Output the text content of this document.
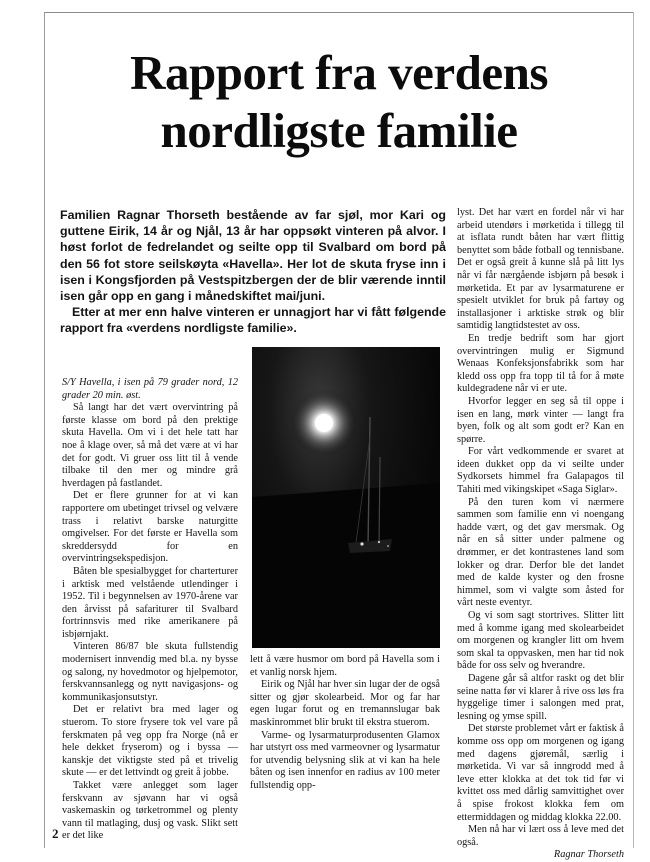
Rapport fra verdens
nordligste familie

Familien Ragnar Thorseth bestående av far sjøl, mor Kari og guttene Eirik, 14 år og Njål, 13 år har oppsøkt vinteren på alvor. I høst forlot de fedrelandet og seilte opp til Svalbard om bord på den 56 fot store seilskøyta «Havella». Her lot de skuta fryse inn i isen i Kongsfjorden på Vestspitzbergen der de blir værende inntil isen går opp en gang i månedskiftet mai/juni.

Etter at mer enn halve vinteren er unnagjort har vi fått følgende rapport fra «verdens nordligste familie».

S/Y Havella, i isen på 79 grader nord, 12 grader 20 min. øst.

Så langt har det vært overvintring på første klasse om bord på den prektige skuta Havella. Om vi i det hele tatt har noe å klage over, så må det være at vi har det for godt. Vi gruer oss litt til å vende tilbake til den mer og mindre grå hverdagen på fastlandet.

Det er flere grunner for at vi kan rapportere om ubetinget trivsel og velvære trass i relativt barske naturgitte omgivelser. For det første er Havella som skreddersydd for en overvintringsekspedisjon.

Båten ble spesialbygget for charterturer i arktisk med velstående utlendinger i 1952. Til i begynnelsen av 1970-årene var den årvisst på safariturer til Svalbard fortrinnsvis med rike amerikanere på isbjørnjakt.

Vinteren 86/87 ble skuta fullstendig modernisert innvendig med bl.a. ny bysse og salong, ny hovedmotor og hjelpemotor, ferskvannsanlegg og nytt navigasjons- og kommunikasjonsutstyr.

Det er relativt bra med lager og stuerom. To store frysere tok vel vare på ferskmaten på veg opp fra Norge (nå er hele dekket fryserom) og i byssa — kanskje det viktigste sted på et trivelig skute — er det lettvindt og greit å jobbe.

Takket være anlegget som lager ferskvann av sjøvann har vi også vaskemaskin og tørketrommel og plenty vann til matlaging, dusj og vask. Slikt sett er det like

lett å være husmor om bord på Havella som i et vanlig norsk hjem.

Eirik og Njål har hver sin lugar der de også sitter og gjør skolearbeid. Mor og far har egen lugar forut og en tremannslugar bak maskinrommet blir brukt til ekstra stuerom.

Varme- og lysarmaturprodusenten Glamox har utstyrt oss med varmeovner og lysarmatur for utvendig belysning slik at vi kan ha hele båten og isen innenfor en radius av 100 meter fullstendig opp-

lyst. Det har vært en fordel når vi har arbeid utendørs i mørketida i tillegg til at isflata rundt båten har vært flittig benyttet som både fotball og tennisbane. Det er også greit å kunne slå på litt lys når vi får nærgående isbjørn på besøk i mørketida. Et par av lysarmaturene er spesielt utviklet for bruk på fartøy og installasjoner i arktiske strøk og blir samtidig langtidstestet av oss.

En tredje bedrift som har gjort overvintringen mulig er Sigmund Wenaas Konfeksjonsfabrikk som har kledd oss opp fra topp til tå for å møte kuldegradene når vi er ute.

Hvorfor legger en seg så til oppe i isen en lang, mørk vinter — langt fra byen, folk og alt som godt er? Kan en spørre.

For vårt vedkommende er svaret at ideen dukket opp da vi seilte under Sydkorsets himmel fra Galapagos til Tahiti med vikingskipet «Saga Siglar».

På den turen kom vi nærmere sammen som familie enn vi noengang hadde vært, og det gav mersmak. Og når en så sitter under palmene og drømmer, er det kontrastenes land som lokker og drar. Derfor ble det landet med de kalde kyster og den frosne himmel, som vi valgte som åsted for vårt neste eventyr.

Og vi som sagt stortrives. Slitter litt med å komme igang med skolearbeidet om morgenen og krangler litt om hvem som skal ta oppvasken, men har tid nok både for oss selv og hverandre.

Dagene går så altfor raskt og det blir seine natta før vi klarer å rive oss løs fra hyggelige timer i salongen med prat, lesning og ymse spill.

Det største problemet vårt er faktisk å komme oss opp om morgenen og igang med dagens gjøremål, særlig i mørketida. Vi var så inngrodd med å leve etter klokka at det tok tid før vi kvittet oss med dårlig samvittighet over å spise frokost klokka fem om ettermiddagen og middag klokka 22.00.

Men nå har vi lært oss å leve med det også.

Ragnar Thorseth

2
